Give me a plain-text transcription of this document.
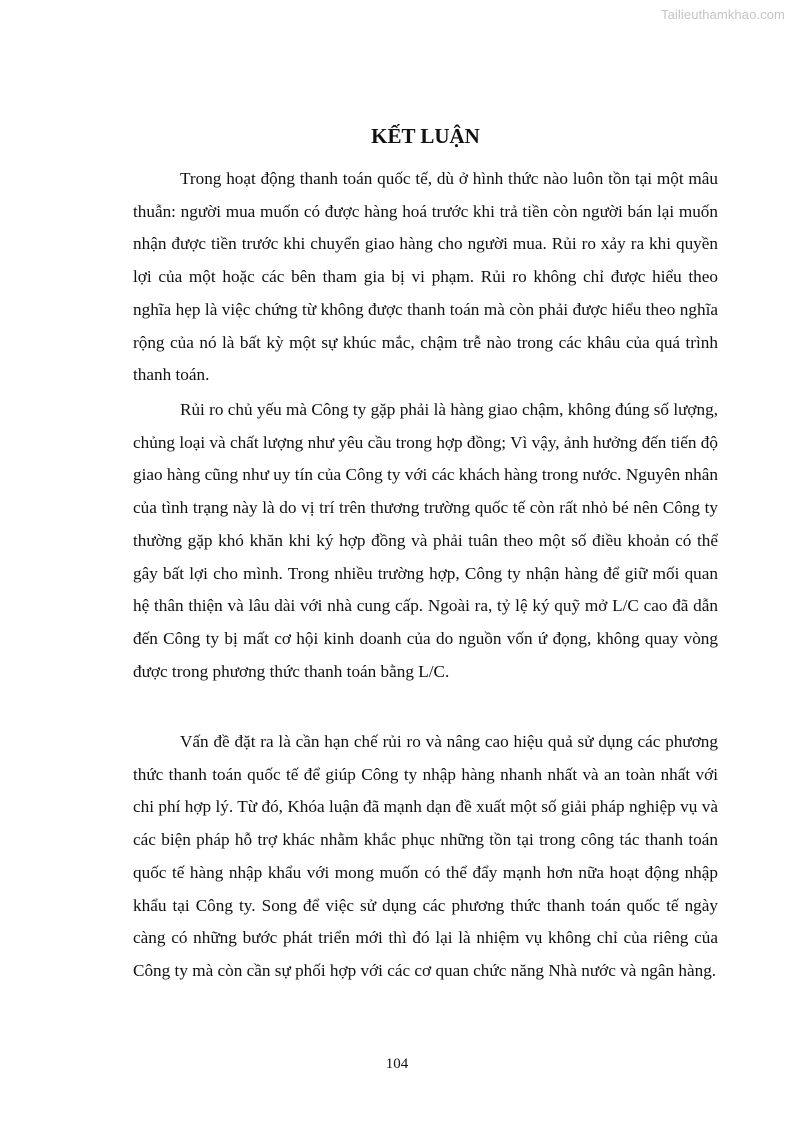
Tailieuthamkhao.com
KẾT LUẬN

Trong hoạt động thanh toán quốc tế, dù ở hình thức nào luôn tồn tại một mâu thuẫn: người mua muốn có được hàng hoá trước khi trả tiền còn người bán lại muốn nhận được tiền trước khi chuyển giao hàng cho người mua. Rủi ro xảy ra khi quyền lợi của một hoặc các bên tham gia bị vi phạm. Rủi ro không chỉ được hiểu theo nghĩa hẹp là việc chứng từ không được thanh toán mà còn phải được hiểu theo nghĩa rộng của nó là bất kỳ một sự khúc mắc, chậm trễ nào trong các khâu của quá trình thanh toán.

Rủi ro chủ yếu mà Công ty gặp phải là hàng giao chậm, không đúng số lượng, chủng loại và chất lượng như yêu cầu trong hợp đồng; Vì vậy, ảnh hưởng đến tiến độ giao hàng cũng như uy tín của Công ty với các khách hàng trong nước. Nguyên nhân của tình trạng này là do vị trí trên thương trường quốc tế còn rất nhỏ bé nên Công ty thường gặp khó khăn khi ký hợp đồng và phải tuân theo một số điều khoản có thể gây bất lợi cho mình. Trong nhiều trường hợp, Công ty nhận hàng để giữ mối quan hệ thân thiện và lâu dài với nhà cung cấp. Ngoài ra, tỷ lệ ký quỹ mở L/C cao đã dẫn đến Công ty bị mất cơ hội kinh doanh của do nguồn vốn ứ đọng, không quay vòng được trong phương thức thanh toán bằng L/C.

Vấn đề đặt ra là cần hạn chế rủi ro và nâng cao hiệu quả sử dụng các phương thức thanh toán quốc tế để giúp Công ty nhập hàng nhanh nhất và an toàn nhất với chi phí hợp lý. Từ đó, Khóa luận đã mạnh dạn đề xuất một số giải pháp nghiệp vụ và các biện pháp hỗ trợ khác nhằm khắc phục những tồn tại trong công tác thanh toán quốc tế hàng nhập khẩu với mong muốn có thể đẩy mạnh hơn nữa hoạt động nhập khẩu tại Công ty. Song để việc sử dụng các phương thức thanh toán quốc tế ngày càng có những bước phát triển mới thì đó lại là nhiệm vụ không chỉ của riêng của Công ty mà còn cần sự phối hợp với các cơ quan chức năng Nhà nước và ngân hàng.

104
